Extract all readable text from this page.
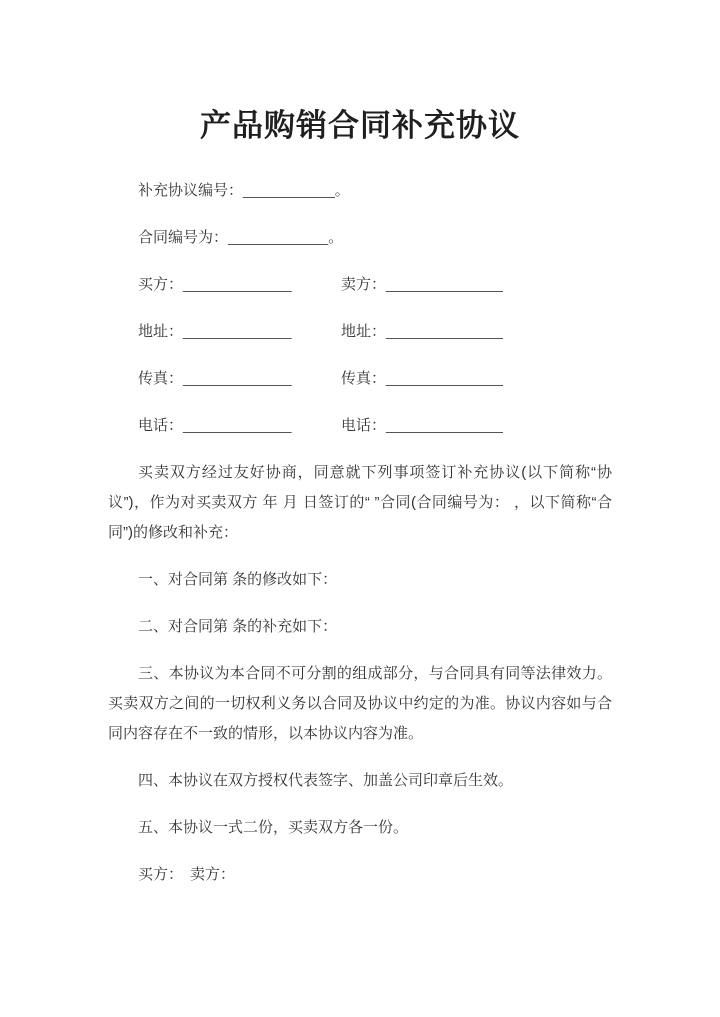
产品购销合同补充协议
补充协议编号：___________。
合同编号为：____________。
买方：_____________	卖方：______________
地址：_____________	地址：______________
传真：_____________	传真：______________
电话：_____________	电话：______________
买卖双方经过友好协商，同意就下列事项签订补充协议(以下简称“协议”)，作为对买卖双方 年 月 日签订的“ ”合同(合同编号为： ，以下简称“合同”)的修改和补充：
一、对合同第 条的修改如下：
二、对合同第 条的补充如下：
三、本协议为本合同不可分割的组成部分，与合同具有同等法律效力。买卖双方之间的一切权利义务以合同及协议中约定的为准。协议内容如与合同内容存在不一致的情形，以本协议内容为准。
四、本协议在双方授权代表签字、加盖公司印章后生效。
五、本协议一式二份，买卖双方各一份。
买方： 卖方：
